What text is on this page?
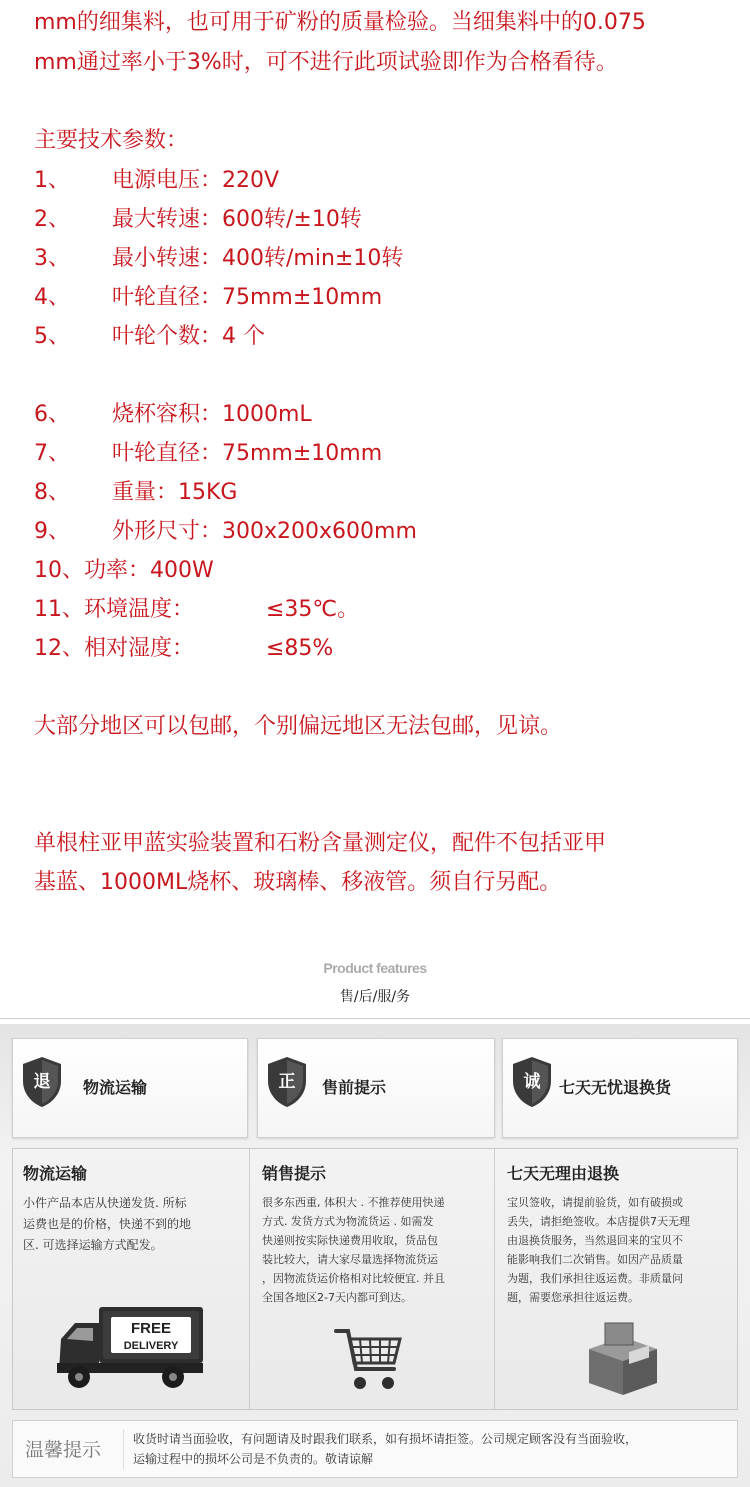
mm的细集料，也可用于矿粉的质量检验。当细集料中的0.075
mm通过率小于3%时，可不进行此项试验即作为合格看待。
主要技术参数：
1、 电源电压：220V
2、 最大转速：600转/±10转
3、 最小转速：400转/min±10转
4、 叶轮直径：75mm±10mm
5、 叶轮个数：4 个
6、 烧杯容积：1000mL
7、 叶轮直径：75mm±10mm
8、 重量：15KG
9、 外形尺寸：300x200x600mm
10、功率：400W
11、环境温度：	≤35℃。
12、相对湿度：	≤85%
大部分地区可以包邮，个别偏远地区无法包邮，见谅。
单根柱亚甲蓝实验装置和石粉含量测定仪，配件不包括亚甲
基蓝、1000ML烧杯、玻璃棒、移液管。须自行另配。
Product features
售/后/服/务
退	物流运输	正	售前提示	诚	七天无忧退换货
物流运输
小件产品本店从快递发货. 所标
运费也是的价格，快递不到的地
区. 可选择运输方式配发。
FREE
DELIVERY
销售提示
很多东西重, 体积大 . 不推荐使用快递
方式. 发货方式为物流货运 . 如需发
快递则按实际快递费用收取，货品包
装比较大，请大家尽量选择物流货运
，因物流货运价格相对比较便宜. 并且
全国各地区2-7天内都可到达。
七天无理由退换
宝贝签收，请提前验货，如有破损或
丢失，请拒绝签收。本店提供7天无理
由退换货服务，当然退回来的宝贝不
能影响我们二次销售。如因产品质量
为题，我们承担往返运费。非质量问
题，需要您承担往返运费。
温馨提示	收货时请当面验收，有问题请及时跟我们联系，如有损坏请拒签。公司规定顾客没有当面验收，
运输过程中的损坏公司是不负责的。敬请谅解
